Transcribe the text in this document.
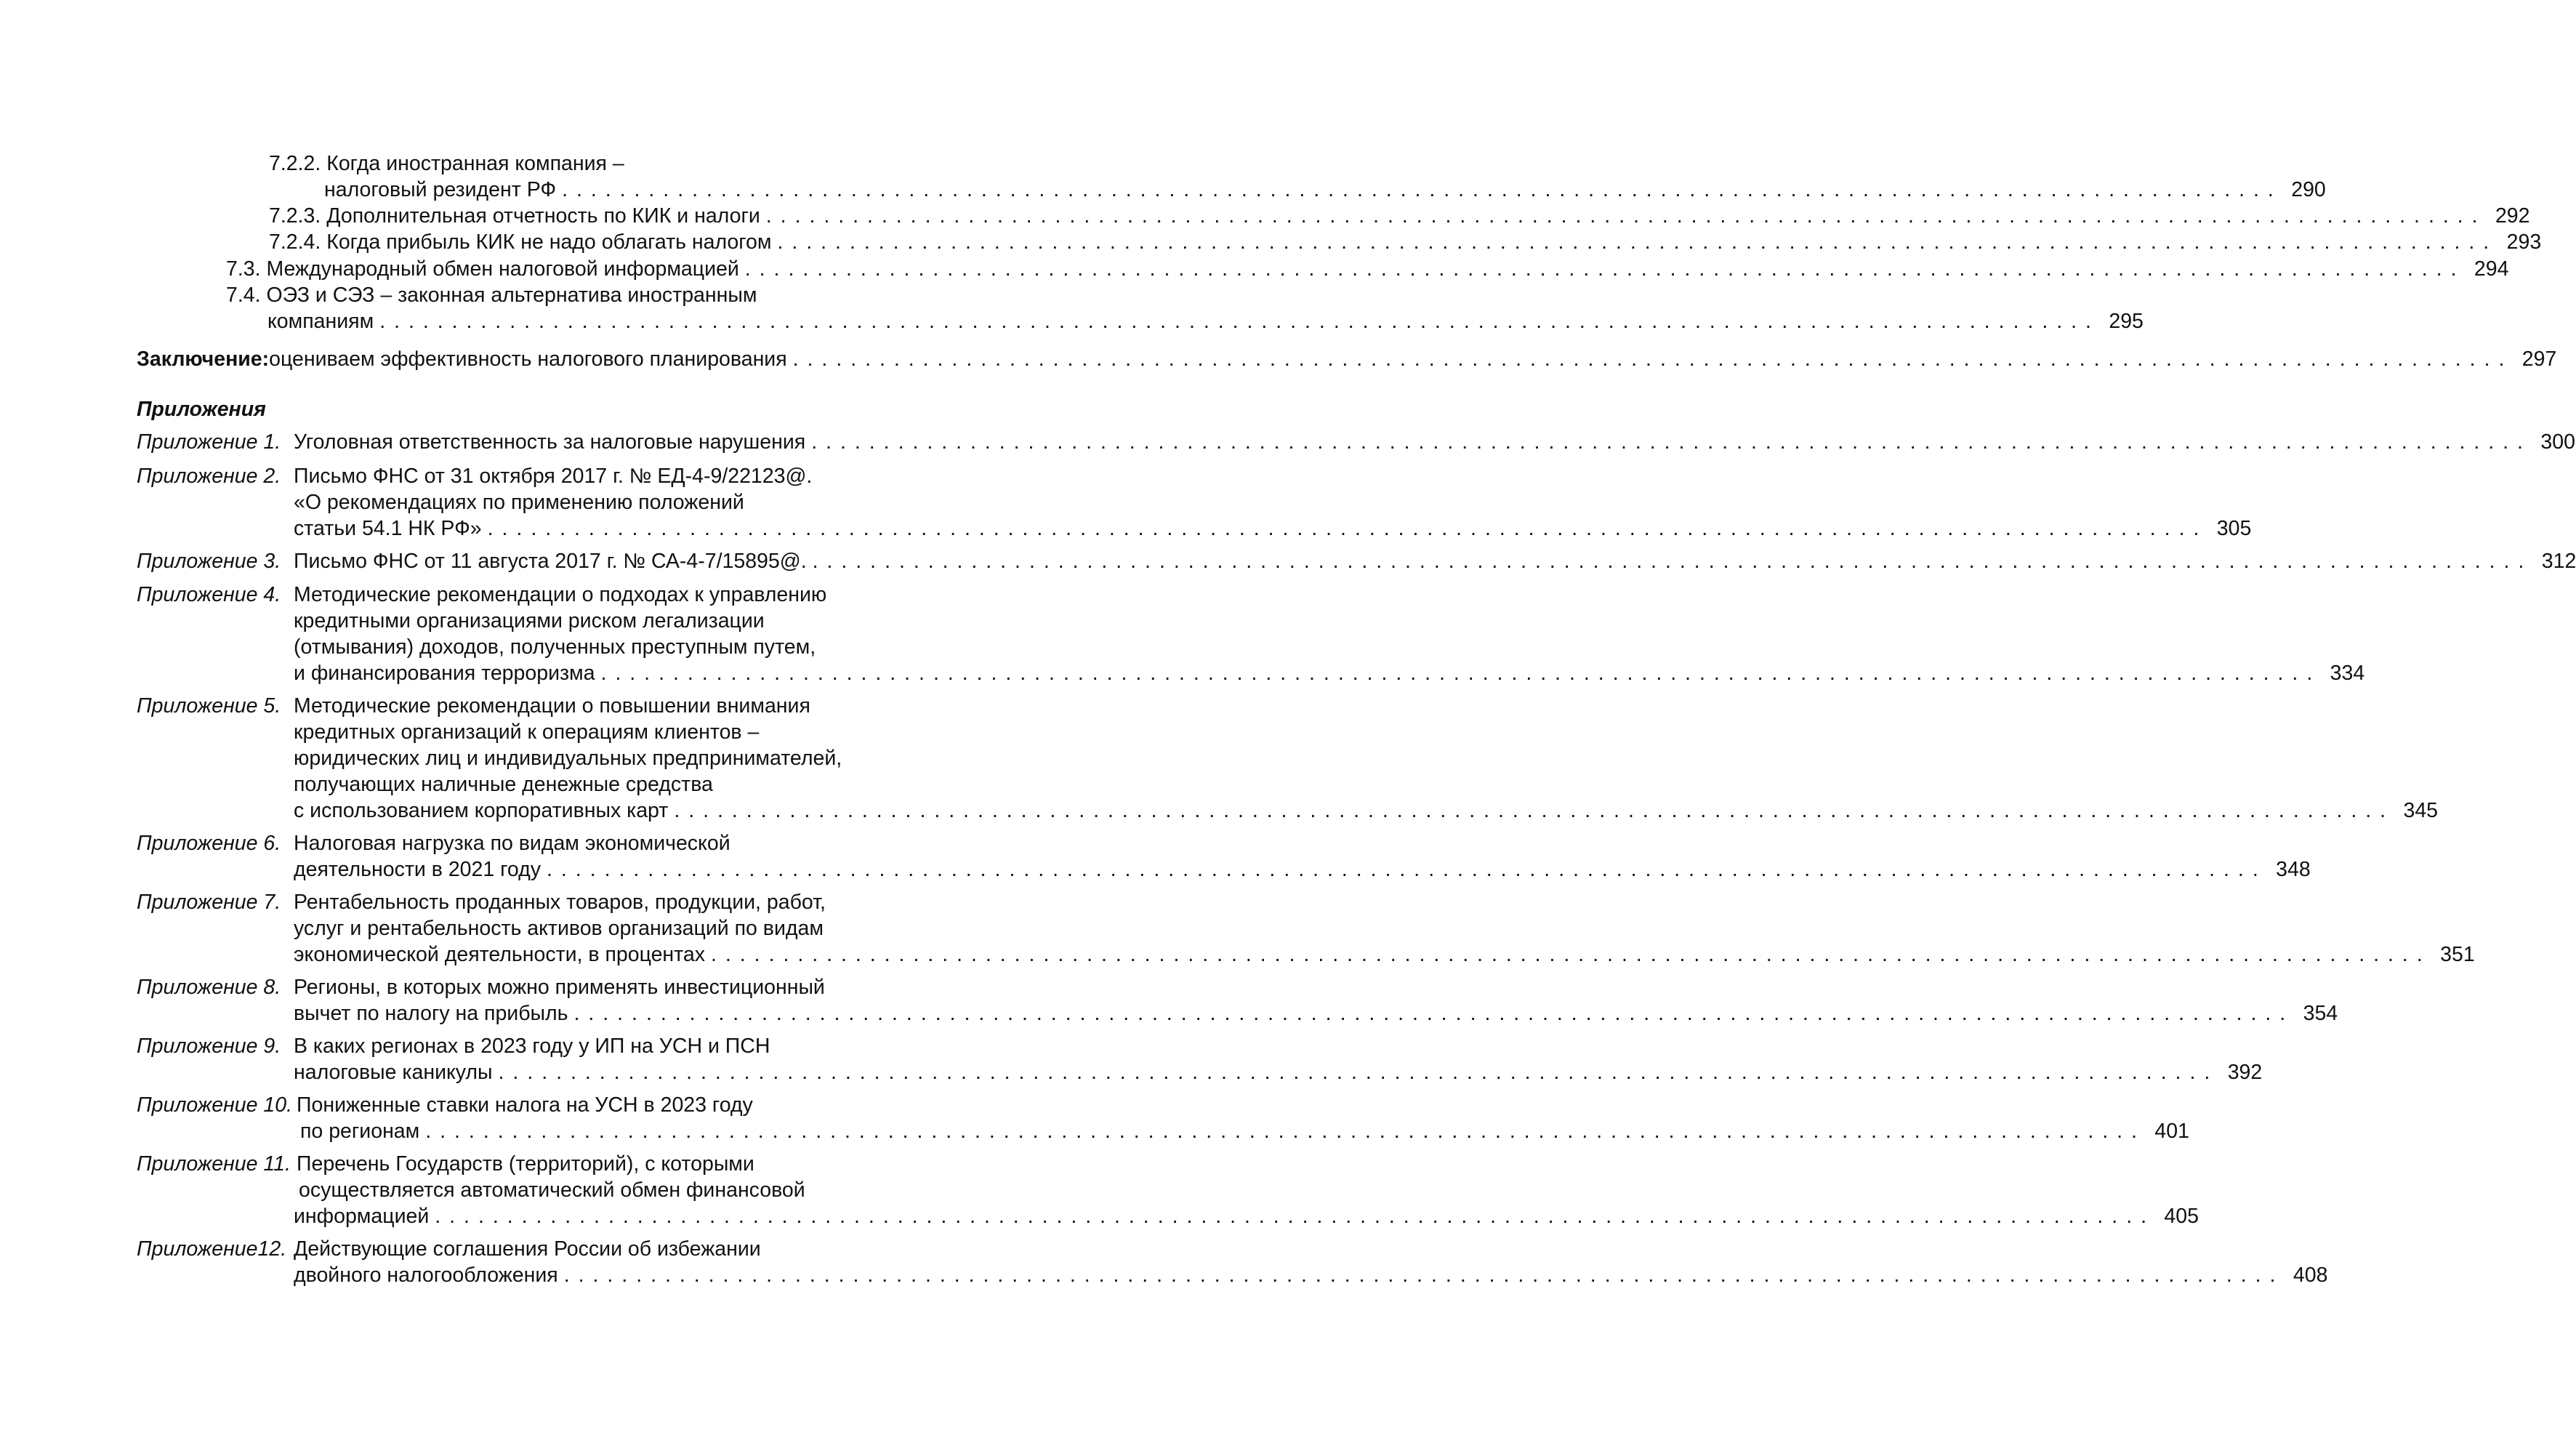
7.2.2. Когда иностранная компания –
налоговый резидент РФ ....................................................................................................................... 290
7.2.3. Дополнительная отчетность по КИК и налоги ....................................................................................................................... 292
7.2.4. Когда прибыль КИК не надо облагать налогом ....................................................................................................................... 293
7.3. Международный обмен налоговой информацией ....................................................................................................................... 294
7.4. ОЭЗ и СЭЗ – законная альтернатива иностранным
компаниям ....................................................................................................................... 295
Заключение: оцениваем эффективность налогового планирования ....................................................................................................................... 297
Приложения
Приложение 1. Уголовная ответственность за налоговые нарушения ....................................................................................................................... 300
Приложение 2. Письмо ФНС от 31 октября 2017 г. № ЕД-4-9/22123@.
«О рекомендациях по применению положений
статьи 54.1 НК РФ» ....................................................................................................................... 305
Приложение 3. Письмо ФНС от 11 августа 2017 г. № СА-4-7/15895@. ....................................................................................................................... 312
Приложение 4. Методические рекомендации о подходах к управлению
кредитными организациями риском легализации
(отмывания) доходов, полученных преступным путем,
и финансирования терроризма ....................................................................................................................... 334
Приложение 5. Методические рекомендации о повышении внимания
кредитных организаций к операциям клиентов –
юридических лиц и индивидуальных предпринимателей,
получающих наличные денежные средства
с использованием корпоративных карт ....................................................................................................................... 345
Приложение 6. Налоговая нагрузка по видам экономической
деятельности в 2021 году ....................................................................................................................... 348
Приложение 7. Рентабельность проданных товаров, продукции, работ,
услуг и рентабельность активов организаций по видам
экономической деятельности, в процентах ....................................................................................................................... 351
Приложение 8. Регионы, в которых можно применять инвестиционный
вычет по налогу на прибыль ....................................................................................................................... 354
Приложение 9. В каких регионах в 2023 году у ИП на УСН и ПСН
налоговые каникулы ....................................................................................................................... 392
Приложение 10. Пониженные ставки налога на УСН в 2023 году
по регионам ....................................................................................................................... 401
Приложение 11. Перечень Государств (территорий), с которыми
осуществляется автоматический обмен финансовой
информацией ....................................................................................................................... 405
Приложение12. Действующие соглашения России об избежании
двойного налогообложения ....................................................................................................................... 408
